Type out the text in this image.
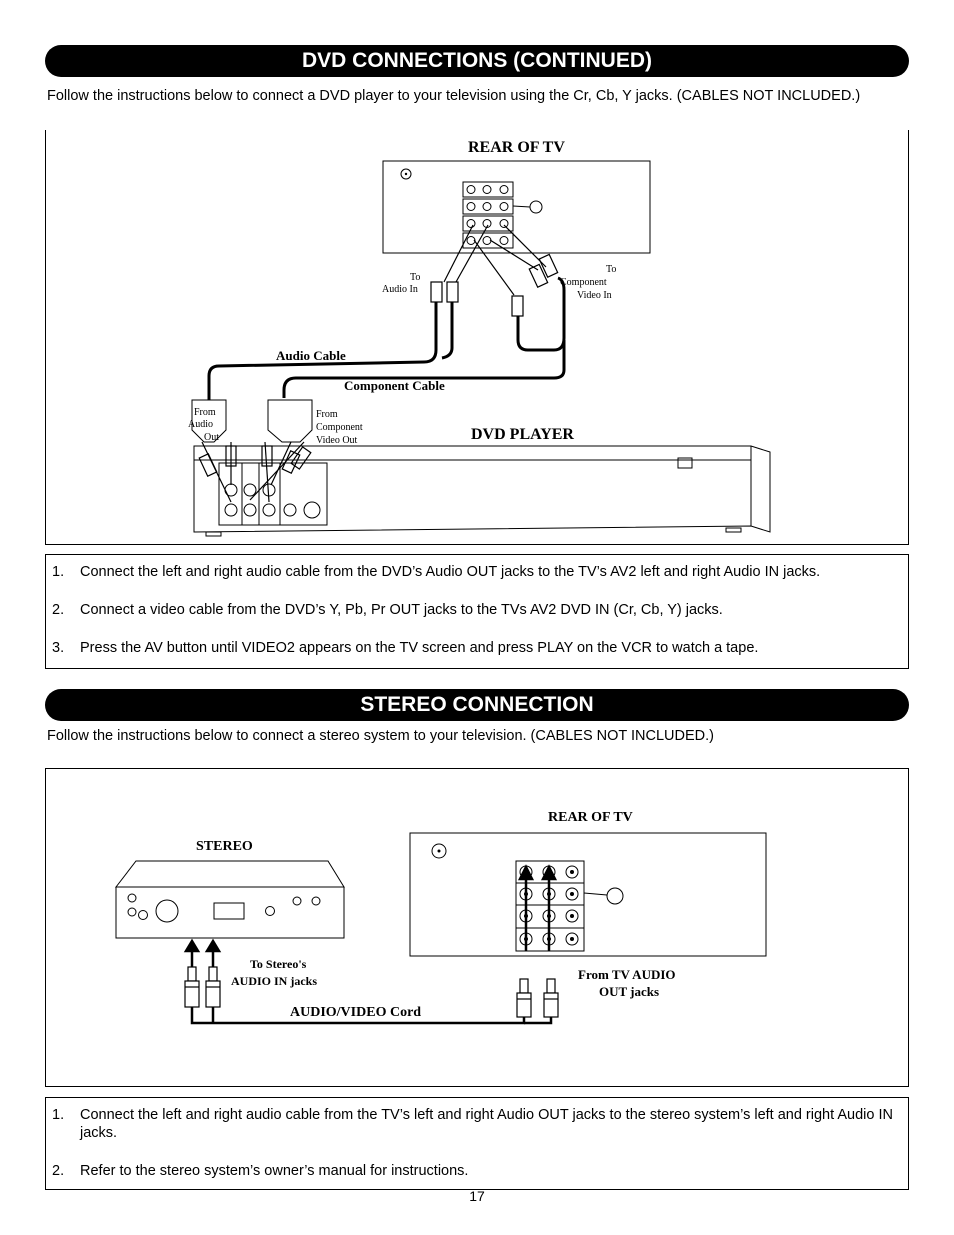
DVD CONNECTIONS (CONTINUED)
Follow the instructions below to connect a DVD player to your television using the Cr, Cb, Y jacks. (CABLES NOT INCLUDED.)
REAR OF TV
To
Audio In
To
Component
Video In
Audio Cable
Component Cable
From
Audio
Out
From
Component
Video Out	DVD PLAYER
1.	Connect the left and right audio cable from the DVD’s Audio OUT jacks to the TV’s AV2 left and right Audio IN jacks.
2.	Connect a video cable from the DVD’s Y, Pb, Pr OUT jacks to the TVs AV2 DVD IN (Cr, Cb, Y) jacks.
3.	Press the AV button until VIDEO2 appears on the TV screen and press PLAY on the VCR to watch a tape.
STEREO CONNECTION
Follow the instructions below to connect a stereo system to your television. (CABLES NOT INCLUDED.)
STEREO
AUDIO/VIDEO Cord
To Stereo's
AUDIO IN jacks	From TV AUDIO
OUT jacks
REAR OF TV
1.	Connect the left and right audio cable from the TV’s left and right Audio OUT jacks to the stereo system’s left and right Audio IN jacks.
2.	Refer to the stereo system’s owner’s manual for instructions.
17
